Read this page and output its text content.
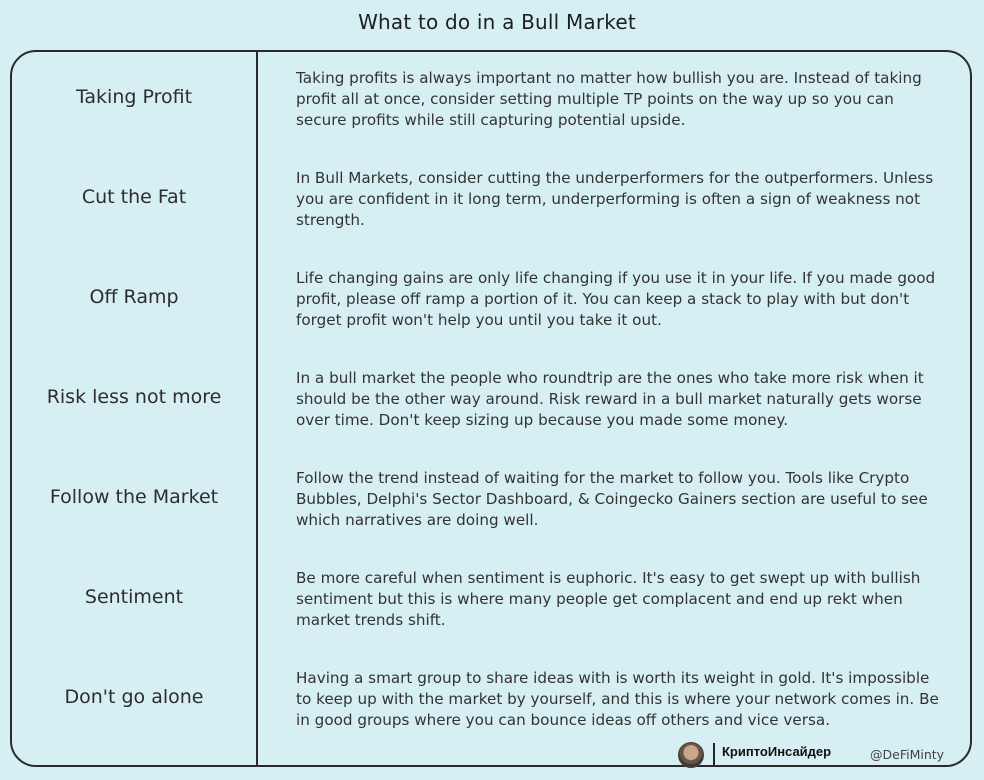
What to do in a Bull Market
Taking Profit
Taking profits is always important no matter how bullish you are. Instead of taking profit all at once, consider setting multiple TP points on the way up so you can secure profits while still capturing potential upside.
Cut the Fat
In Bull Markets, consider cutting the underperformers for the outperformers. Unless you are confident in it long term, underperforming is often a sign of weakness not strength.
Off Ramp
Life changing gains are only life changing if you use it in your life. If you made good profit, please off ramp a portion of it. You can keep a stack to play with but don't forget profit won't help you until you take it out.
Risk less not more
In a bull market the people who roundtrip are the ones who take more risk when it should be the other way around. Risk reward in a bull market naturally gets worse over time. Don't keep sizing up because you made some money.
Follow the Market
Follow the trend instead of waiting for the market to follow you. Tools like Crypto Bubbles, Delphi's Sector Dashboard, & Coingecko Gainers section are useful to see which narratives are doing well.
Sentiment
Be more careful when sentiment is euphoric. It's easy to get swept up with bullish sentiment but this is where many people get complacent and end up rekt when market trends shift.
Don't go alone
Having a smart group to share ideas with is worth its weight in gold. It's impossible to keep up with the market by yourself, and this is where your network comes in. Be in good groups where you can bounce ideas off others and vice versa.
КриптоИнсайдер	@DeFiMinty
